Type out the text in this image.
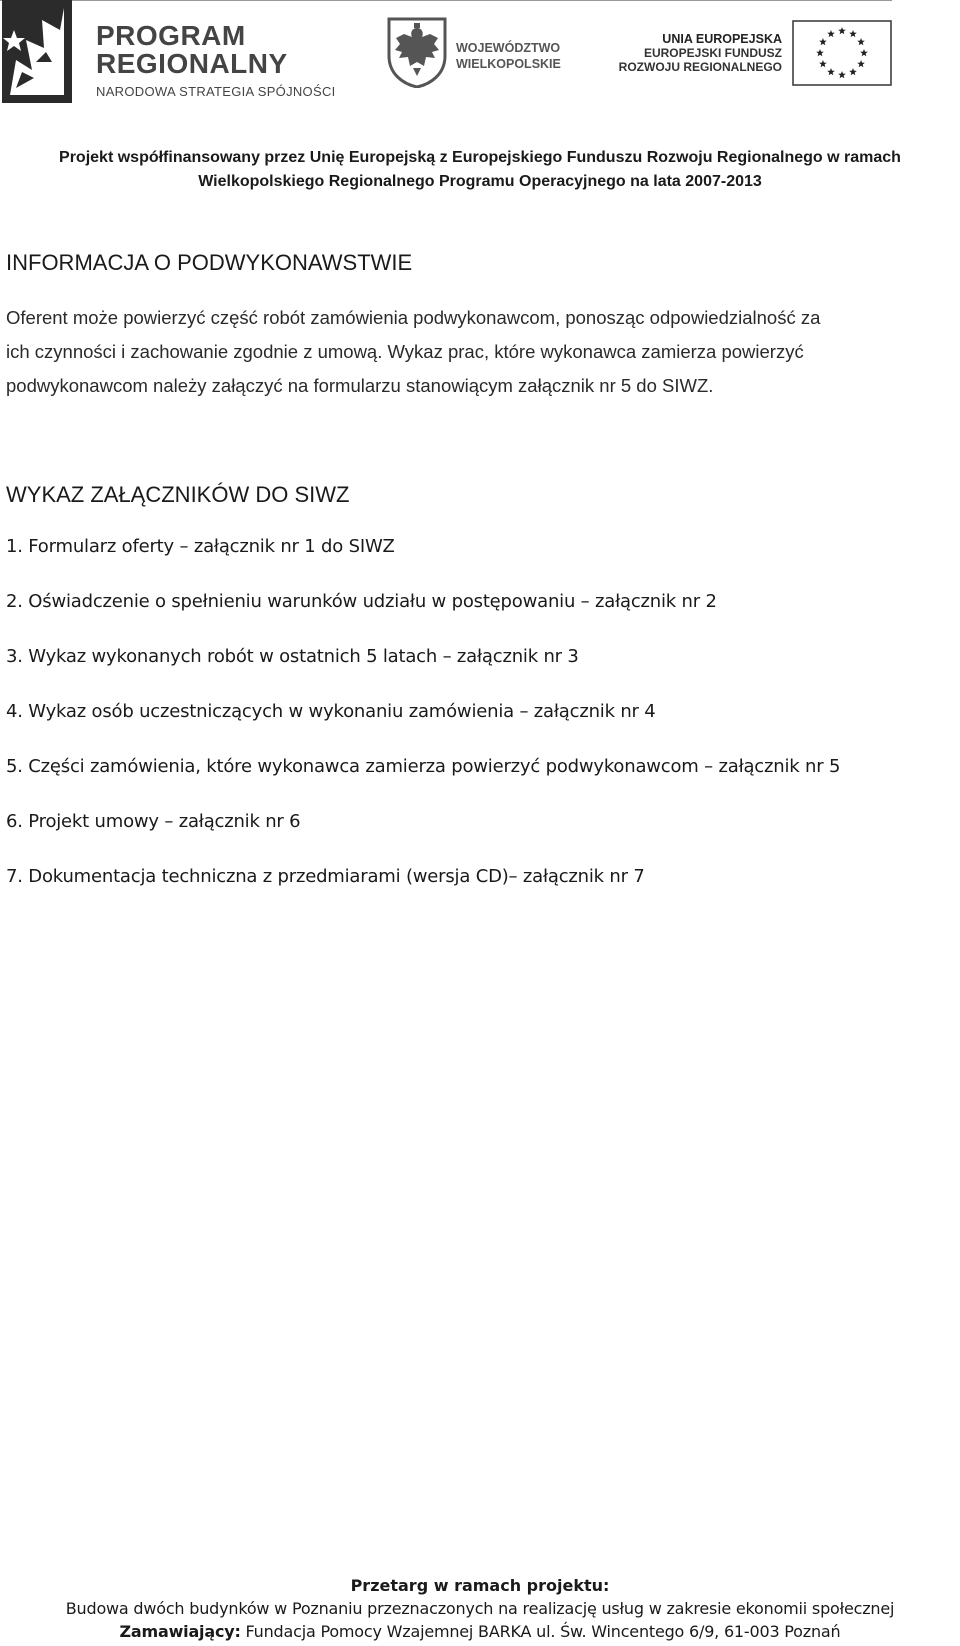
PROGRAM
REGIONALNY
NARODOWA STRATEGIA SPÓJNOŚCI
WOJEWÓDZTWO
WIELKOPOLSKIE
UNIA EUROPEJSKA
EUROPEJSKI FUNDUSZ
ROZWOJU REGIONALNEGO
Projekt współfinansowany przez Unię Europejską z Europejskiego Funduszu Rozwoju Regionalnego w ramach
Wielkopolskiego Regionalnego Programu Operacyjnego na lata 2007-2013
INFORMACJA O PODWYKONAWSTWIE

Oferent może powierzyć część robót zamówienia podwykonawcom, ponosząc odpowiedzialność za
ich czynności i zachowanie zgodnie z umową. Wykaz prac, które wykonawca zamierza powierzyć
podwykonawcom należy załączyć na formularzu stanowiącym załącznik nr 5 do SIWZ.

WYKAZ ZAŁĄCZNIKÓW DO SIWZ
1. Formularz oferty – załącznik nr 1 do SIWZ
2. Oświadczenie o spełnieniu warunków udziału w postępowaniu – załącznik nr 2
3. Wykaz wykonanych robót w ostatnich 5 latach – załącznik nr 3
4. Wykaz osób uczestniczących w wykonaniu zamówienia – załącznik nr 4
5. Części zamówienia, które wykonawca zamierza powierzyć podwykonawcom – załącznik nr 5
6. Projekt umowy – załącznik nr 6
7. Dokumentacja techniczna z przedmiarami (wersja CD)– załącznik nr 7
Przetarg w ramach projektu:
Budowa dwóch budynków w Poznaniu przeznaczonych na realizację usług w zakresie ekonomii społecznej
Zamawiający: Fundacja Pomocy Wzajemnej BARKA ul. Św. Wincentego 6/9, 61-003 Poznań
